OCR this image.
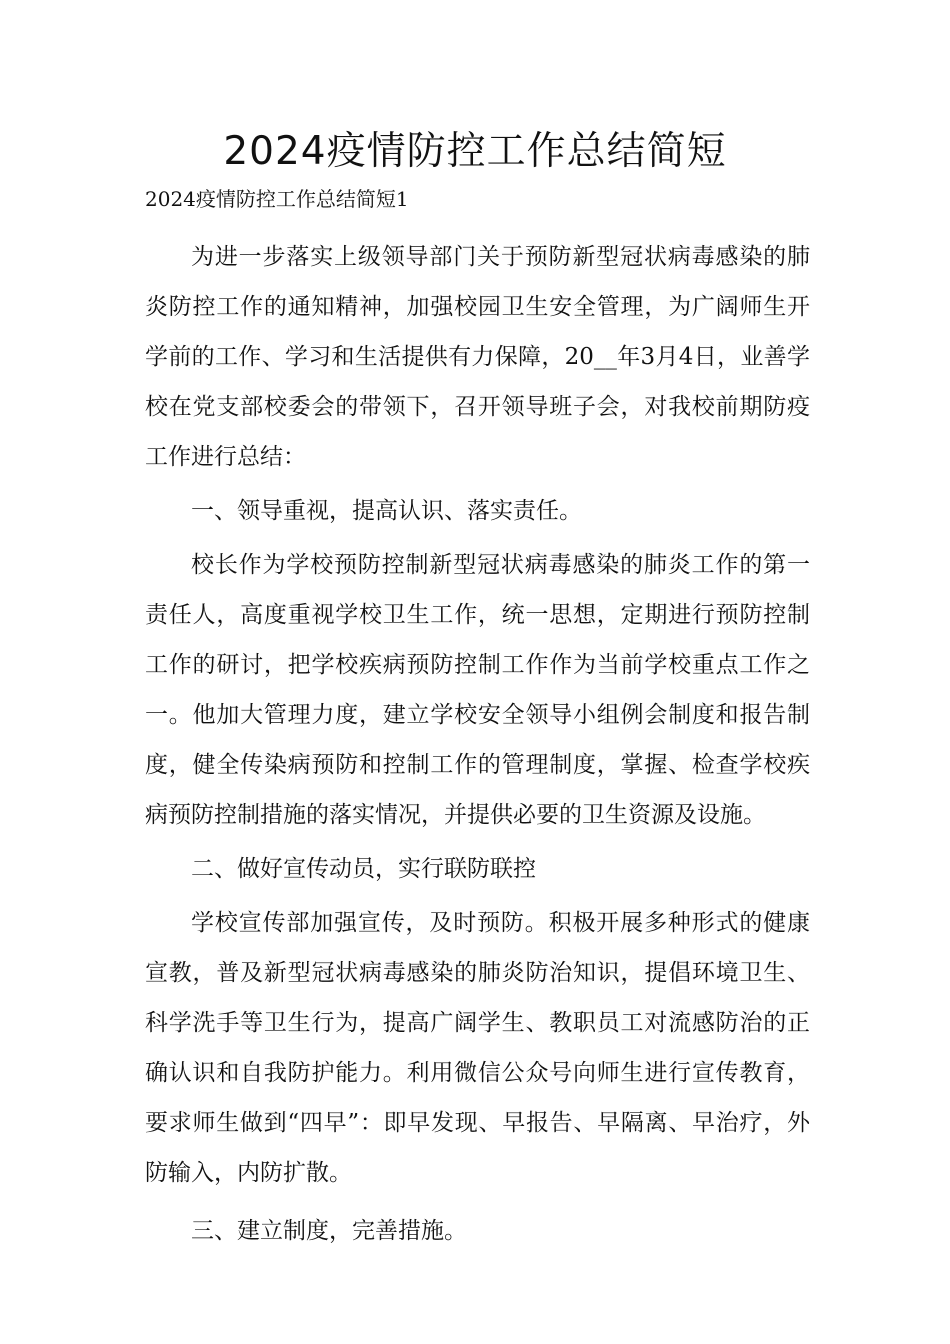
2024疫情防控工作总结简短

2024疫情防控工作总结简短1

为进一步落实上级领导部门关于预防新型冠状病毒感染的肺炎防控工作的通知精神，加强校园卫生安全管理，为广阔师生开学前的工作、学习和生活提供有力保障，20__年3月4日，业善学校在党支部校委会的带领下，召开领导班子会，对我校前期防疫工作进行总结：

一、领导重视，提高认识、落实责任。

校长作为学校预防控制新型冠状病毒感染的肺炎工作的第一责任人，高度重视学校卫生工作，统一思想，定期进行预防控制工作的研讨，把学校疾病预防控制工作作为当前学校重点工作之一。他加大管理力度，建立学校安全领导小组例会制度和报告制度，健全传染病预防和控制工作的管理制度，掌握、检查学校疾病预防控制措施的落实情况，并提供必要的卫生资源及设施。

二、做好宣传动员，实行联防联控

学校宣传部加强宣传，及时预防。积极开展多种形式的健康宣教，普及新型冠状病毒感染的肺炎防治知识，提倡环境卫生、科学洗手等卫生行为，提高广阔学生、教职员工对流感防治的正确认识和自我防护能力。利用微信公众号向师生进行宣传教育，要求师生做到“四早”：即早发现、早报告、早隔离、早治疗，外防输入，内防扩散。

三、建立制度，完善措施。
